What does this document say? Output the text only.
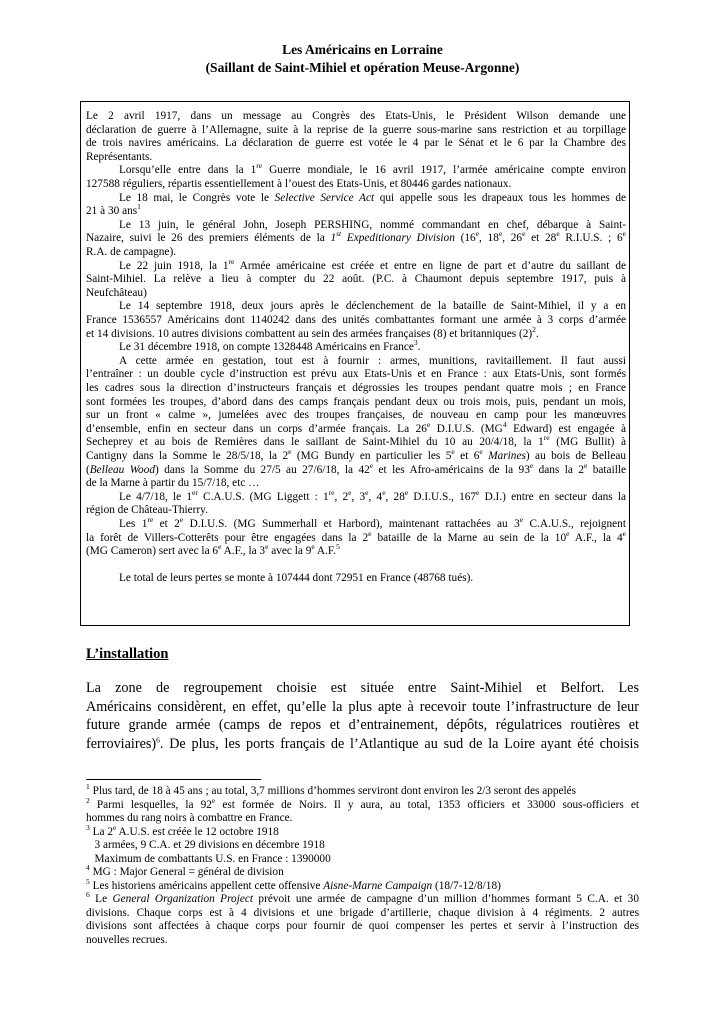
Les Américains en Lorraine
(Saillant de Saint-Mihiel et opération Meuse-Argonne)
Le 2 avril 1917, dans un message au Congrès des Etats-Unis, le Président Wilson demande une
déclaration de guerre à l’Allemagne, suite à la reprise de la guerre sous-marine sans restriction et au torpillage
de trois navires américains. La déclaration de guerre est votée le 4 par le Sénat et le 6 par la Chambre des
Représentants.
Lorsqu’elle entre dans la 1re Guerre mondiale, le 16 avril 1917, l’armée américaine compte environ
127588 réguliers, répartis essentiellement à l’ouest des Etats-Unis, et 80446 gardes nationaux.
Le 18 mai, le Congrès vote le Selective Service Act qui appelle sous les drapeaux tous les hommes de
21 à 30 ans$^1$
Le 13 juin, le général John, Joseph PERSHING, nommé commandant en chef, débarque à Saint-
Nazaire, suivi le 26 des premiers éléments de la 1st Expeditionary Division (16e, 18e, 26e et 28e R.I.U.S. ; 6e
R.A. de campagne).
Le 22 juin 1918, la 1re Armée américaine est créée et entre en ligne de part et d’autre du saillant de
Saint-Mihiel. La relève a lieu à compter du 22 août. (P.C. à Chaumont depuis septembre 1917, puis à
Neufchâteau)
Le 14 septembre 1918, deux jours après le déclenchement de la bataille de Saint-Mihiel, il y a en
France 1536557 Américains dont 1140242 dans des unités combattantes formant une armée à 3 corps d’armée
et 14 divisions. 10 autres divisions combattent au sein des armées françaises (8) et britanniques $(2)^2$.
Le 31 décembre 1918, on compte 1328448 Américains en France$^3$.
A cette armée en gestation, tout est à fournir : armes, munitions, ravitaillement. Il faut aussi
l’entraîner : un double cycle d’instruction est prévu aux Etats-Unis et en France : aux Etats-Unis, sont formés
les cadres sous la direction d’instructeurs français et dégrossies les troupes pendant quatre mois ; en France
sont formées les troupes, d’abord dans des camps français pendant deux ou trois mois, puis, pendant un mois,
sur un front « calme », jumelées avec des troupes françaises, de nouveau en camp pour les manœuvres
d’ensemble, enfin en secteur dans un corps d’armée français. La 26e D.I.U.S. ($MG^4$ Edward) est engagée à
Secheprey et au bois de Remières dans le saillant de Saint-Mihiel du 10 au 20/4/18, la 1re (MG Bullit) à
Cantigny dans la Somme le 28/5/18, la 2e (MG Bundy en particulier les 5e et 6e Marines) au bois de Belleau
(Belleau Wood) dans la Somme du 27/5 au 27/6/18, la 42e et les Afro-américains de la 93e dans la 2e bataille
de la Marne à partir du 15/7/18, etc …
Le 4/7/18, le 1er C.A.U.S. (MG Liggett : 1re, 2e, 3e, 4e, 28e D.I.U.S., 167e D.I.) entre en secteur dans la
région de Château-Thierry.
Les 1re et 2e D.I.U.S. (MG Summerhall et Harbord), maintenant rattachées au 3e C.A.U.S., rejoignent
la forêt de Villers-Cotterêts pour être engagées dans la 2e bataille de la Marne au sein de la 10e A.F., la 4e
(MG Cameron) sert avec la 6e A.F., la 3e avec la 9e A.F.$^5$
Le total de leurs pertes se monte à 107444 dont 72951 en France (48768 tués).
L’installation
La zone de regroupement choisie est située entre Saint-Mihiel et Belfort. Les
Américains considèrent, en effet, qu’elle la plus apte à recevoir toute l’infrastructure de leur
future grande armée (camps de repos et d’entrainement, dépôts, régulatrices routières et
ferroviaires)$^6$. De plus, les ports français de l’Atlantique au sud de la Loire ayant été choisis
$^1$ Plus tard, de 18 à 45 ans ; au total, 3,7 millions d’hommes serviront dont environ les 2/3 seront des appelés
$^2$ Parmi lesquelles, la 92e est formée de Noirs. Il y aura, au total, 1353 officiers et 33000 sous-officiers et
hommes du rang noirs à combattre en France.
$^3$ La 2e A.U.S. est créée le 12 octobre 1918
3 armées, 9 C.A. et 29 divisions en décembre 1918
Maximum de combattants U.S. en France : 1390000
$^4$ MG : Major General = général de division
$^5$ Les historiens américains appellent cette offensive Aisne-Marne Campaign (18/7-12/8/18)
$^6$ Le General Organization Project prévoit une armée de campagne d’un million d’hommes formant 5 C.A. et 30
divisions. Chaque corps est à 4 divisions et une brigade d’artillerie, chaque division à 4 régiments. 2 autres
divisions sont affectées à chaque corps pour fournir de quoi compenser les pertes et servir à l’instruction des
nouvelles recrues.
